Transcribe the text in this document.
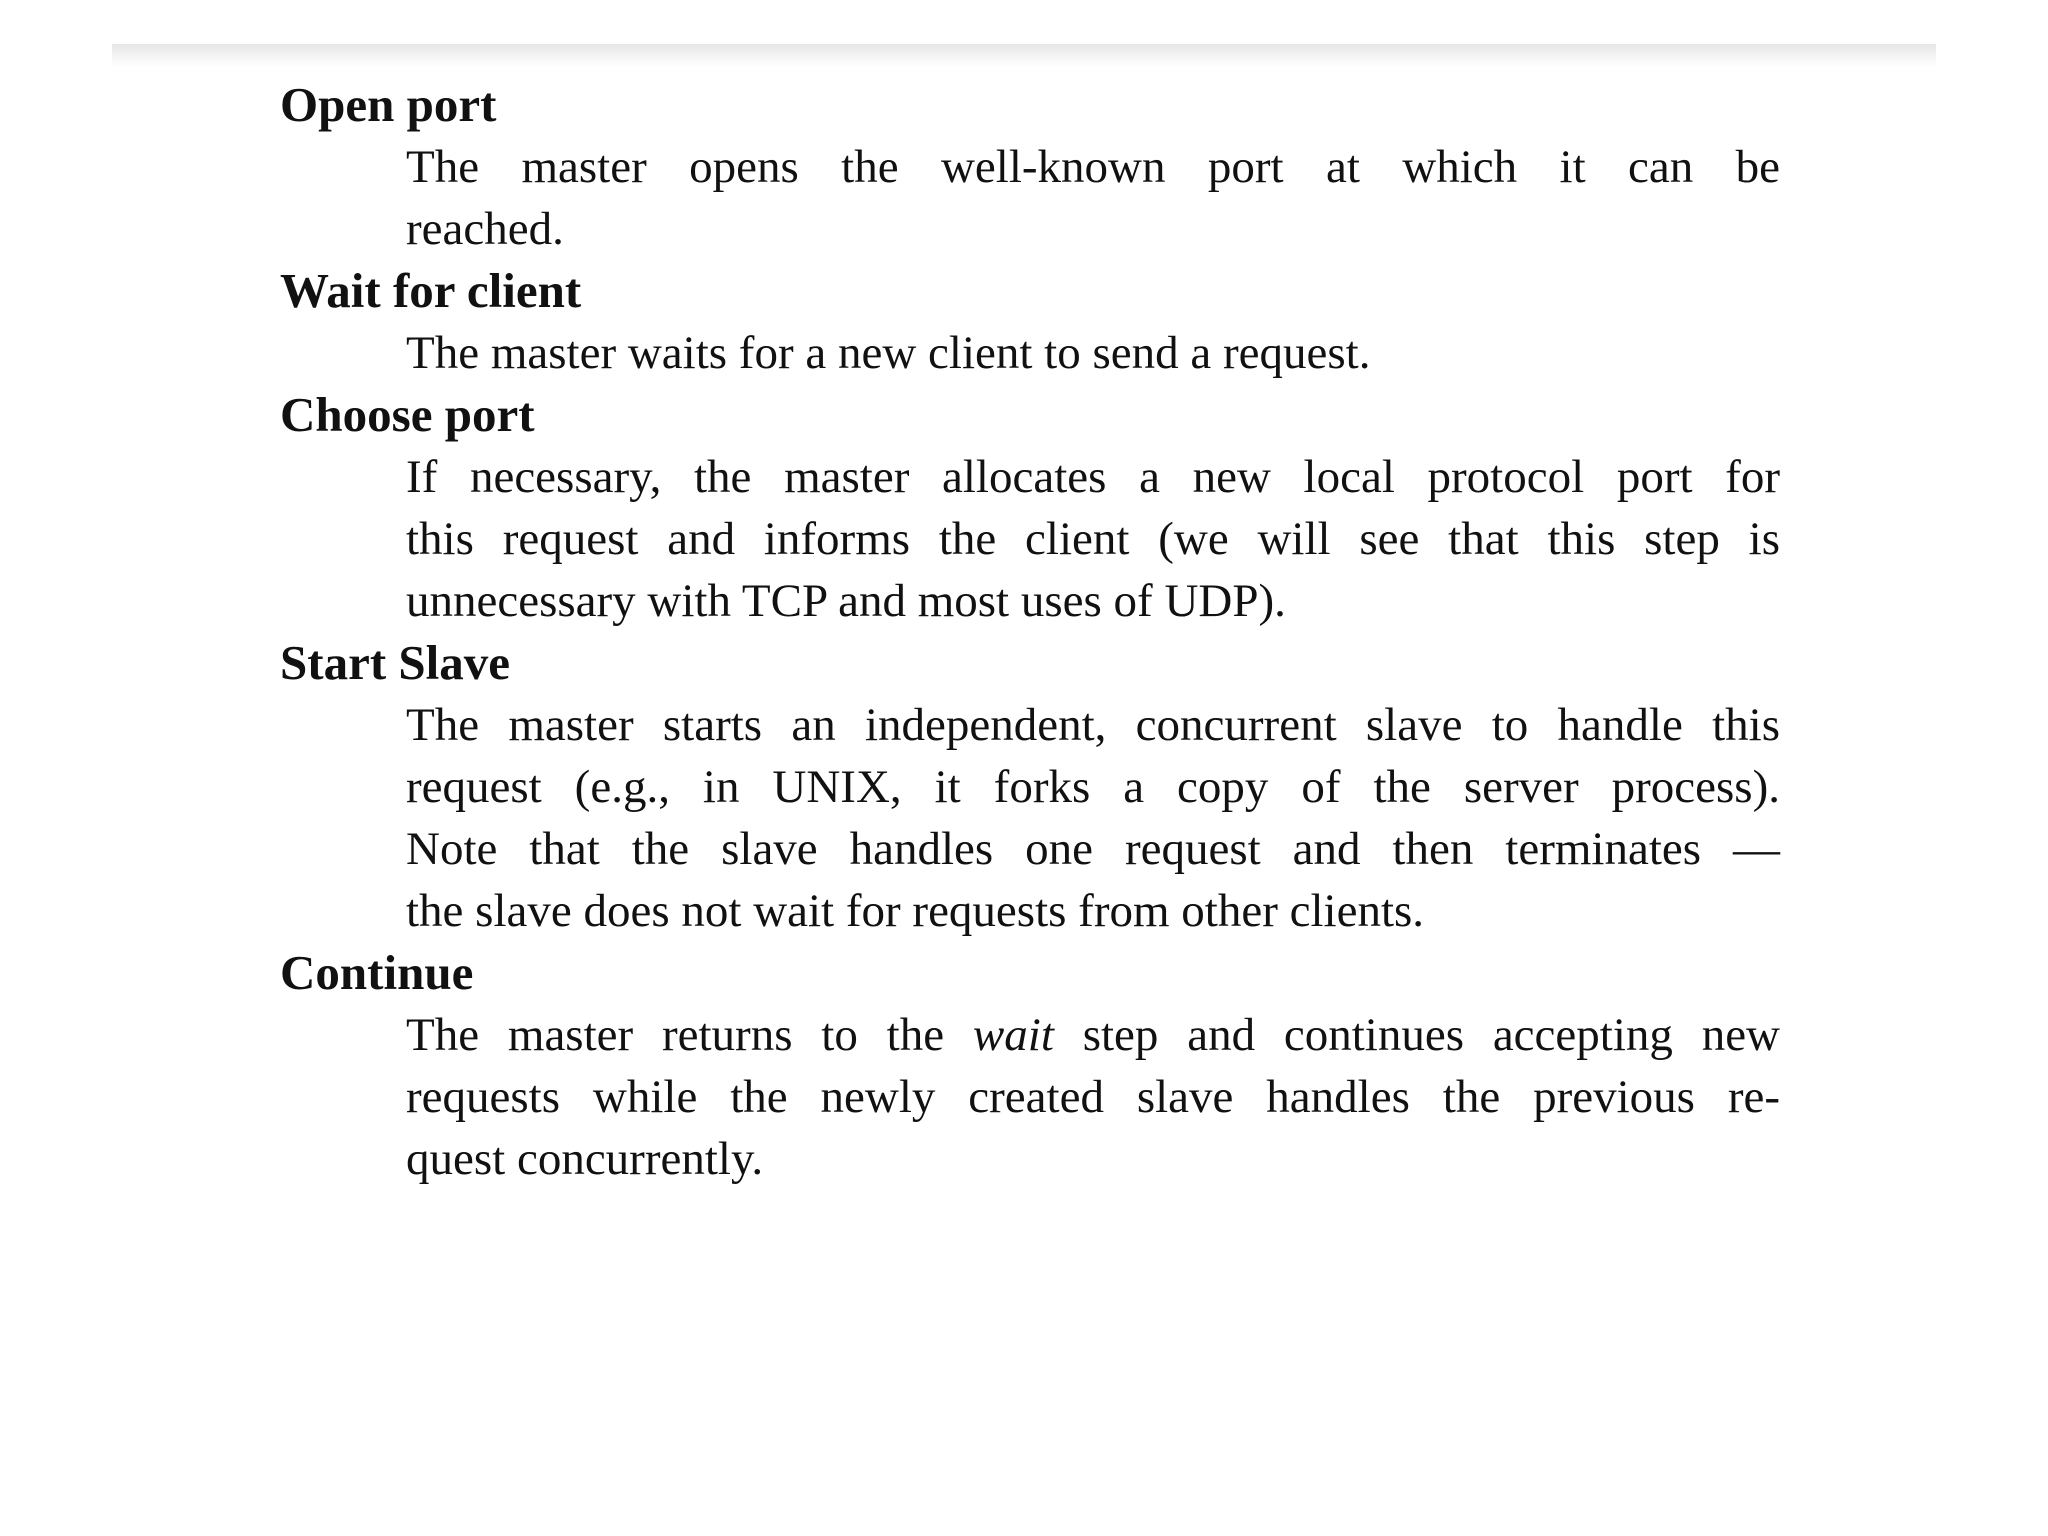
Open port
The master opens the well-known port at which it can be
reached.
Wait for client
The master waits for a new client to send a request.
Choose port
If necessary, the master allocates a new local protocol port for
this request and informs the client (we will see that this step is
unnecessary with TCP and most uses of UDP).
Start Slave
The master starts an independent, concurrent slave to handle this
request (e.g., in UNIX, it forks a copy of the server process).
Note that the slave handles one request and then terminates —
the slave does not wait for requests from other clients.
Continue
The master returns to the wait step and continues accepting new
requests while the newly created slave handles the previous re-
quest concurrently.
